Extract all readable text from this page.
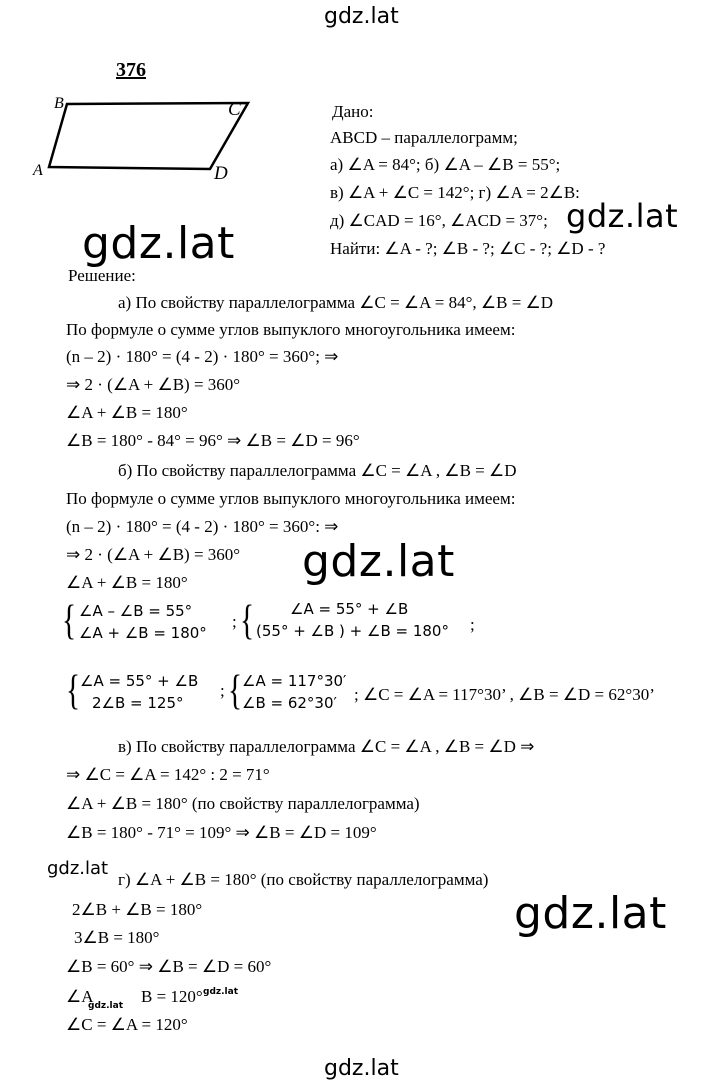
gdz.lat
gdz.lat
gdz.lat
gdz.lat
gdz.lat
gdz.lat
gdz.lat
gdz.lat
gdz.lat
376
B	C
A	D
Дано:
ABCD – параллелограмм;
а) ∠A = 84°; б) ∠A – ∠B = 55°;
в) ∠A + ∠C = 142°; г) ∠A = 2∠B:
д) ∠CAD = 16°, ∠ACD = 37°;
Найти: ∠A - ?; ∠B - ?; ∠C - ?; ∠D - ?
Решение:
а) По свойству параллелограмма ∠C = ∠A = 84°, ∠B = ∠D
По формуле о сумме углов выпуклого многоугольника имеем:
(n – 2) · 180° = (4 - 2) · 180° = 360°; ⇒
⇒ 2 · (∠A + ∠B) = 360°
∠A + ∠B = 180°
∠B = 180° - 84° = 96° ⇒ ∠B = ∠D = 96°
б) По свойству параллелограмма ∠C = ∠A , ∠B = ∠D
По формуле о сумме углов выпуклого многоугольника имеем:
(n – 2) · 180° = (4 - 2) · 180° = 360°: ⇒
⇒ 2 · (∠A + ∠B) = 360°
∠A + ∠B = 180°
{ ∠A – ∠B = 55°
∠A + ∠B = 180°
; { ∠A = 55° + ∠B
(55° + ∠B ) + ∠B = 180° ;
{ ∠A = 55° + ∠B
2∠B = 125°
; { ∠A = 117°30′
∠B = 62°30′ ; ∠C = ∠A = 117°30’ , ∠B = ∠D = 62°30’
в) По свойству параллелограмма ∠C = ∠A , ∠B = ∠D ⇒
⇒ ∠C = ∠A = 142° : 2 = 71°
∠A + ∠B = 180° (по свойству параллелограмма)
∠B = 180° - 71° = 109° ⇒ ∠B = ∠D = 109°
г) ∠A + ∠B = 180° (по свойству параллелограмма)
2∠B + ∠B = 180°
3∠B = 180°
∠B = 60° ⇒ ∠B = ∠D = 60°
∠A	B = 120°
∠C = ∠A = 120°
